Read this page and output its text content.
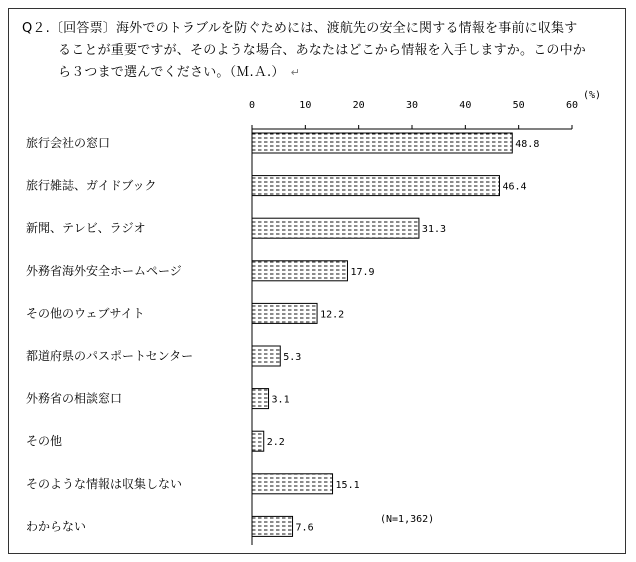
Q２.〔回答票〕海外でのトラブルを防ぐためには、渡航先の安全に関する情報を事前に収集す
ることが重要ですが、そのような場合、あなたはどこから情報を入手しますか。この中か
ら３つまで選んでください。（Ｍ.Ａ.） ↵
0	10	20	30	40	50	60
(%)
旅行会社の窓口	48.8
旅行雑誌、ガイドブック	46.4
新聞、テレビ、ラジオ	31.3
外務省海外安全ホームページ	17.9
その他のウェブサイト	12.2
都道府県のパスポートセンター	5.3
外務省の相談窓口	3.1
その他	2.2
そのような情報は収集しない	15.1
わからない	7.6
(N=1,362)
